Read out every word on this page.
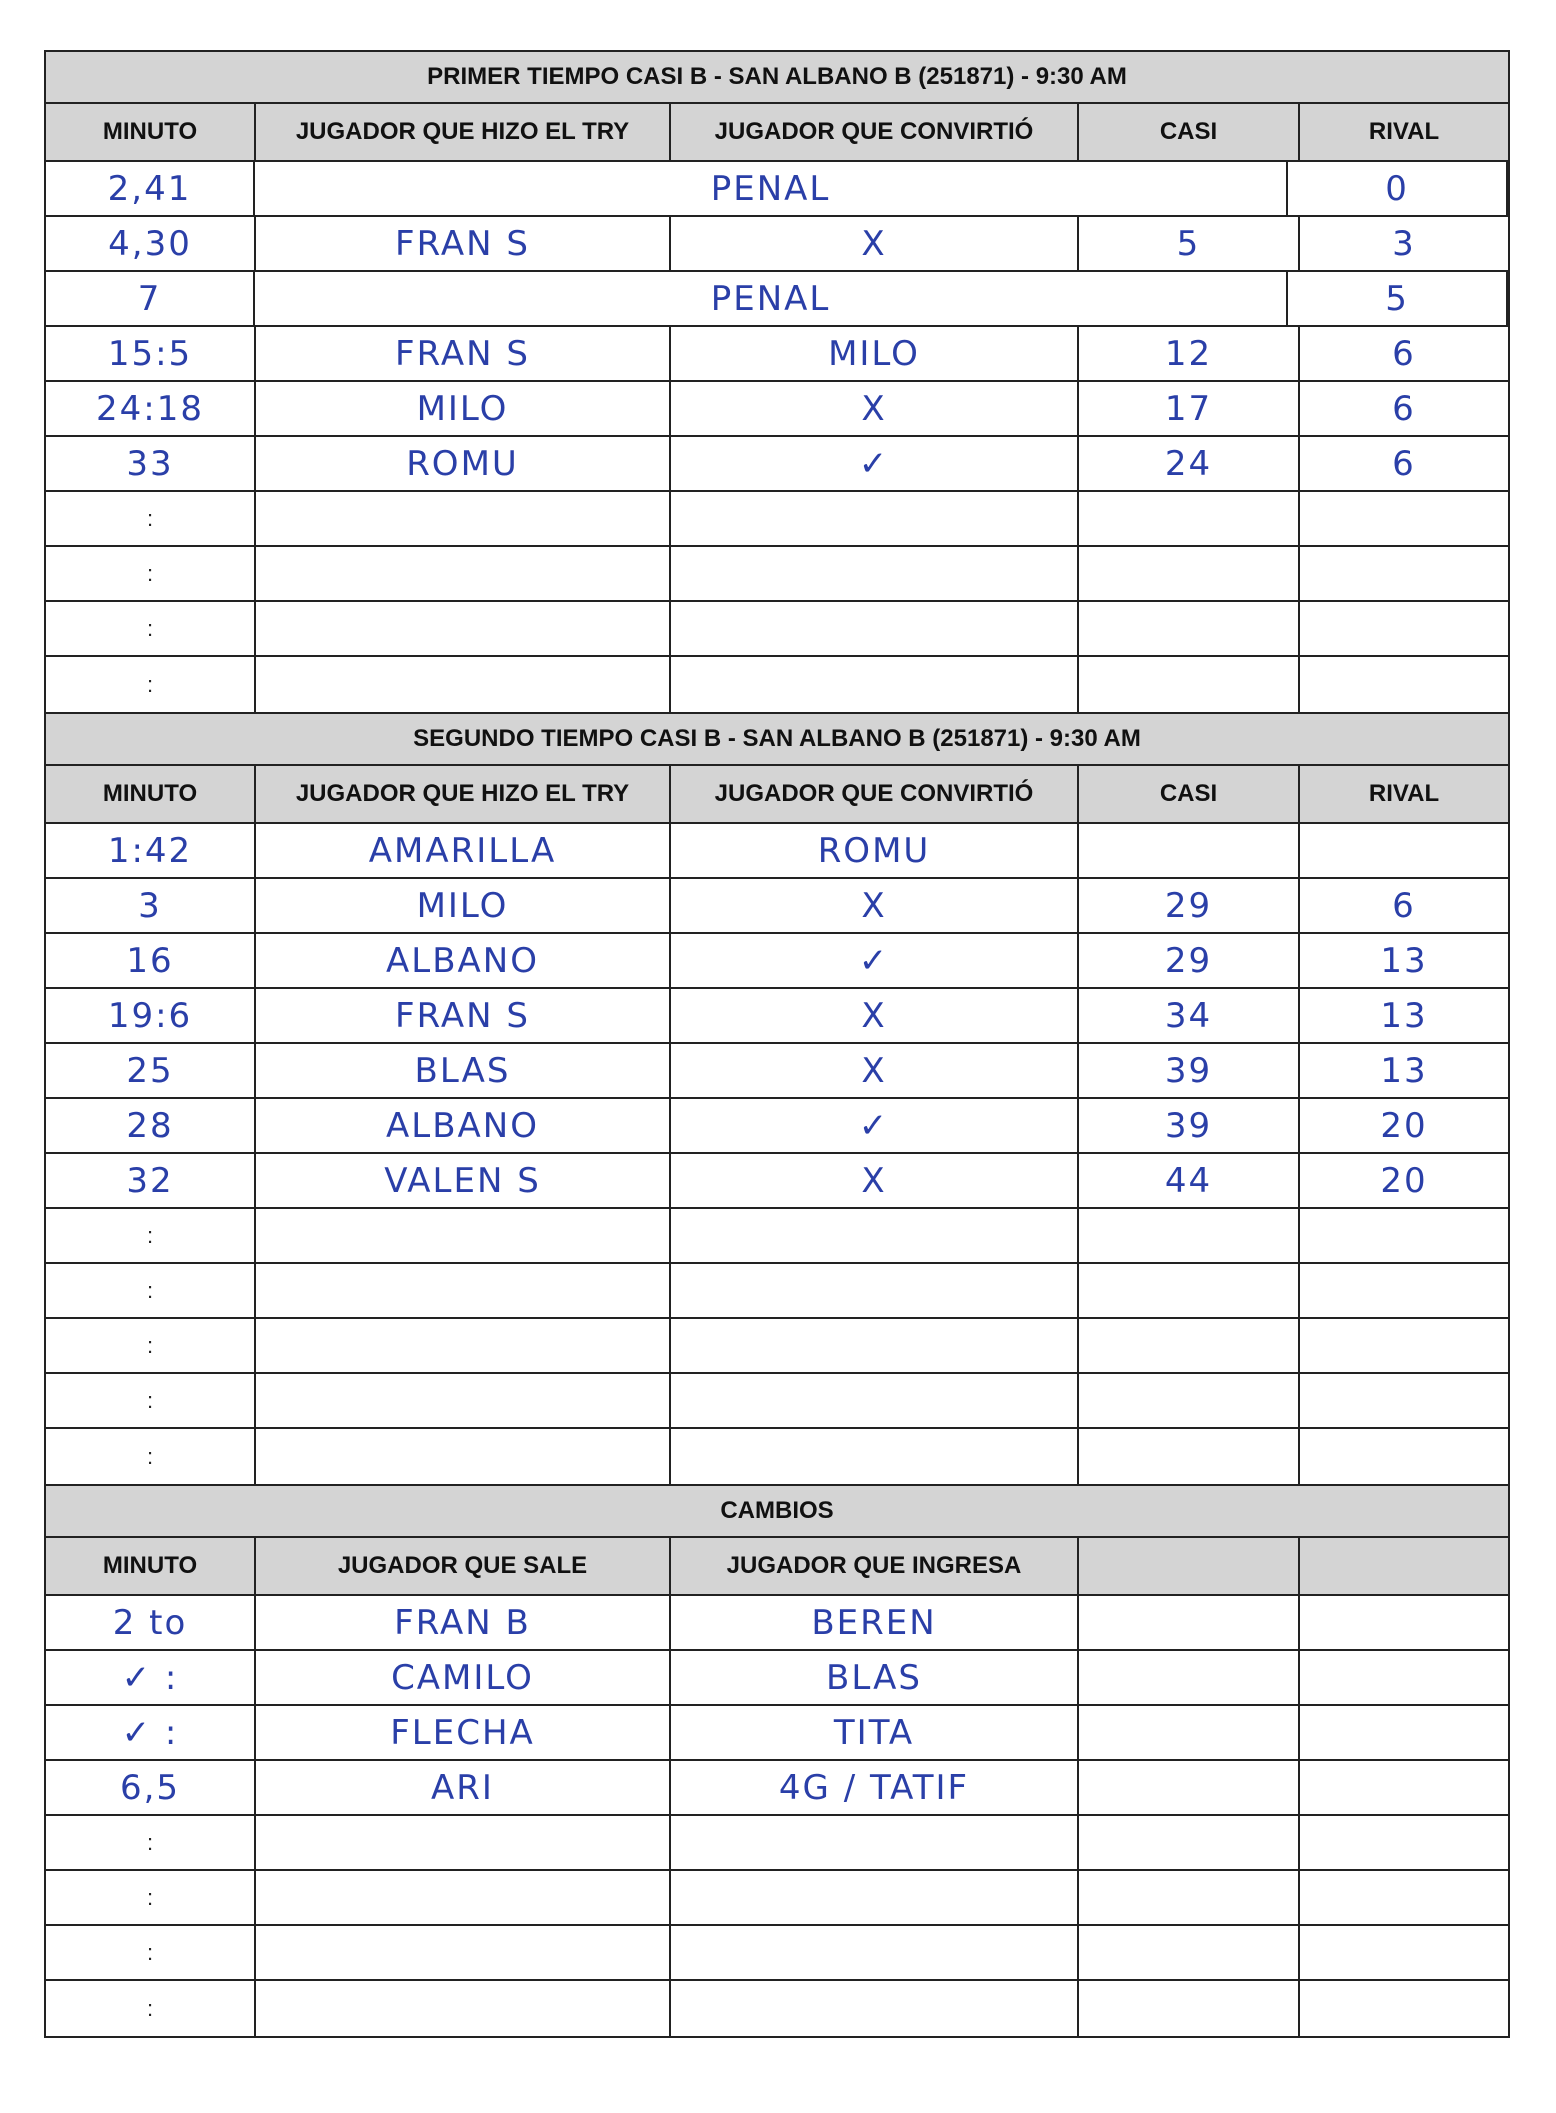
PRIMER TIEMPO CASI B - SAN ALBANO B (251871) - 9:30 AM
MINUTO	JUGADOR QUE HIZO EL TRY	JUGADOR QUE CONVIRTIÓ	CASI	RIVAL
2,41	PENAL	0
4,30	FRAN S	X	5	3
7	PENAL	5
15:5	FRAN S	MILO	12	6
24:18	MILO	X	17	6
33	ROMU	✓	24	6
:
:
:
:
SEGUNDO TIEMPO CASI B - SAN ALBANO B (251871) - 9:30 AM
MINUTO	JUGADOR QUE HIZO EL TRY	JUGADOR QUE CONVIRTIÓ	CASI	RIVAL
1:42	AMARILLA	ROMU
3	MILO	X	29	6
16	ALBANO	✓	29	13
19:6	FRAN S	X	34	13
25	BLAS	X	39	13
28	ALBANO	✓	39	20
32	VALEN S	X	44	20
:
:
:
:
:
CAMBIOS
MINUTO	JUGADOR QUE SALE	JUGADOR QUE INGRESA
2 to	FRAN B	BEREN
✓ :	CAMILO	BLAS
✓ :	FLECHA	TITA
6,5	ARI	4G / TATIF
:
:
:
:
